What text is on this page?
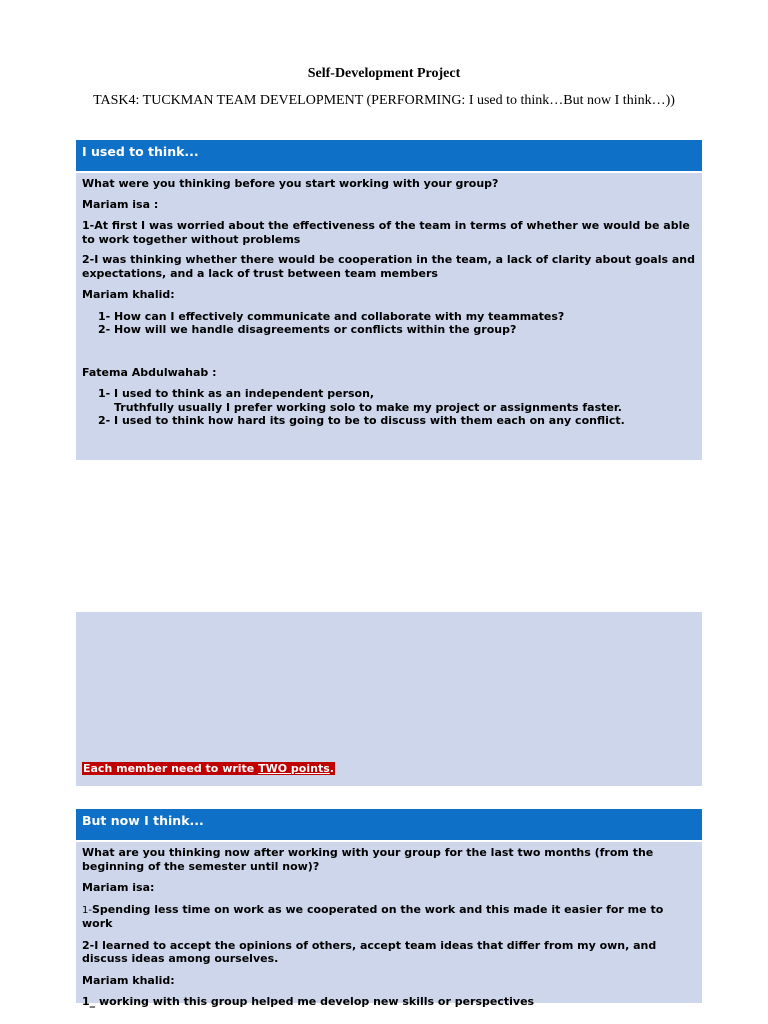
Self-Development Project
TASK4: TUCKMAN TEAM DEVELOPMENT (PERFORMING: I used to think…But now I think…))
I used to think...

What were you thinking before you start working with your group?

Mariam isa :

1-At first I was worried about the effectiveness of the team in terms of whether we would be able to work together without problems

2-I was thinking whether there would be cooperation in the team, a lack of clarity about goals and expectations, and a lack of trust between team members

Mariam khalid:

1- How can I effectively communicate and collaborate with my teammates?

2- How will we handle disagreements or conflicts within the group?

Fatema Abdulwahab :

1- I used to think as an independent person,

Truthfully usually I prefer working solo to make my project or assignments faster.

2- I used to think how hard its going to be to discuss with them each on any conflict.

Each member need to write TWO points.
But now I think...

What are you thinking now after working with your group for the last two months (from the beginning of the semester until now)?

Mariam isa:

1-Spending less time on work as we cooperated on the work and this made it easier for me to work

2-I learned to accept the opinions of others, accept team ideas that differ from my own, and discuss ideas among ourselves.

Mariam khalid:

1_ working with this group helped me develop new skills or perspectives
